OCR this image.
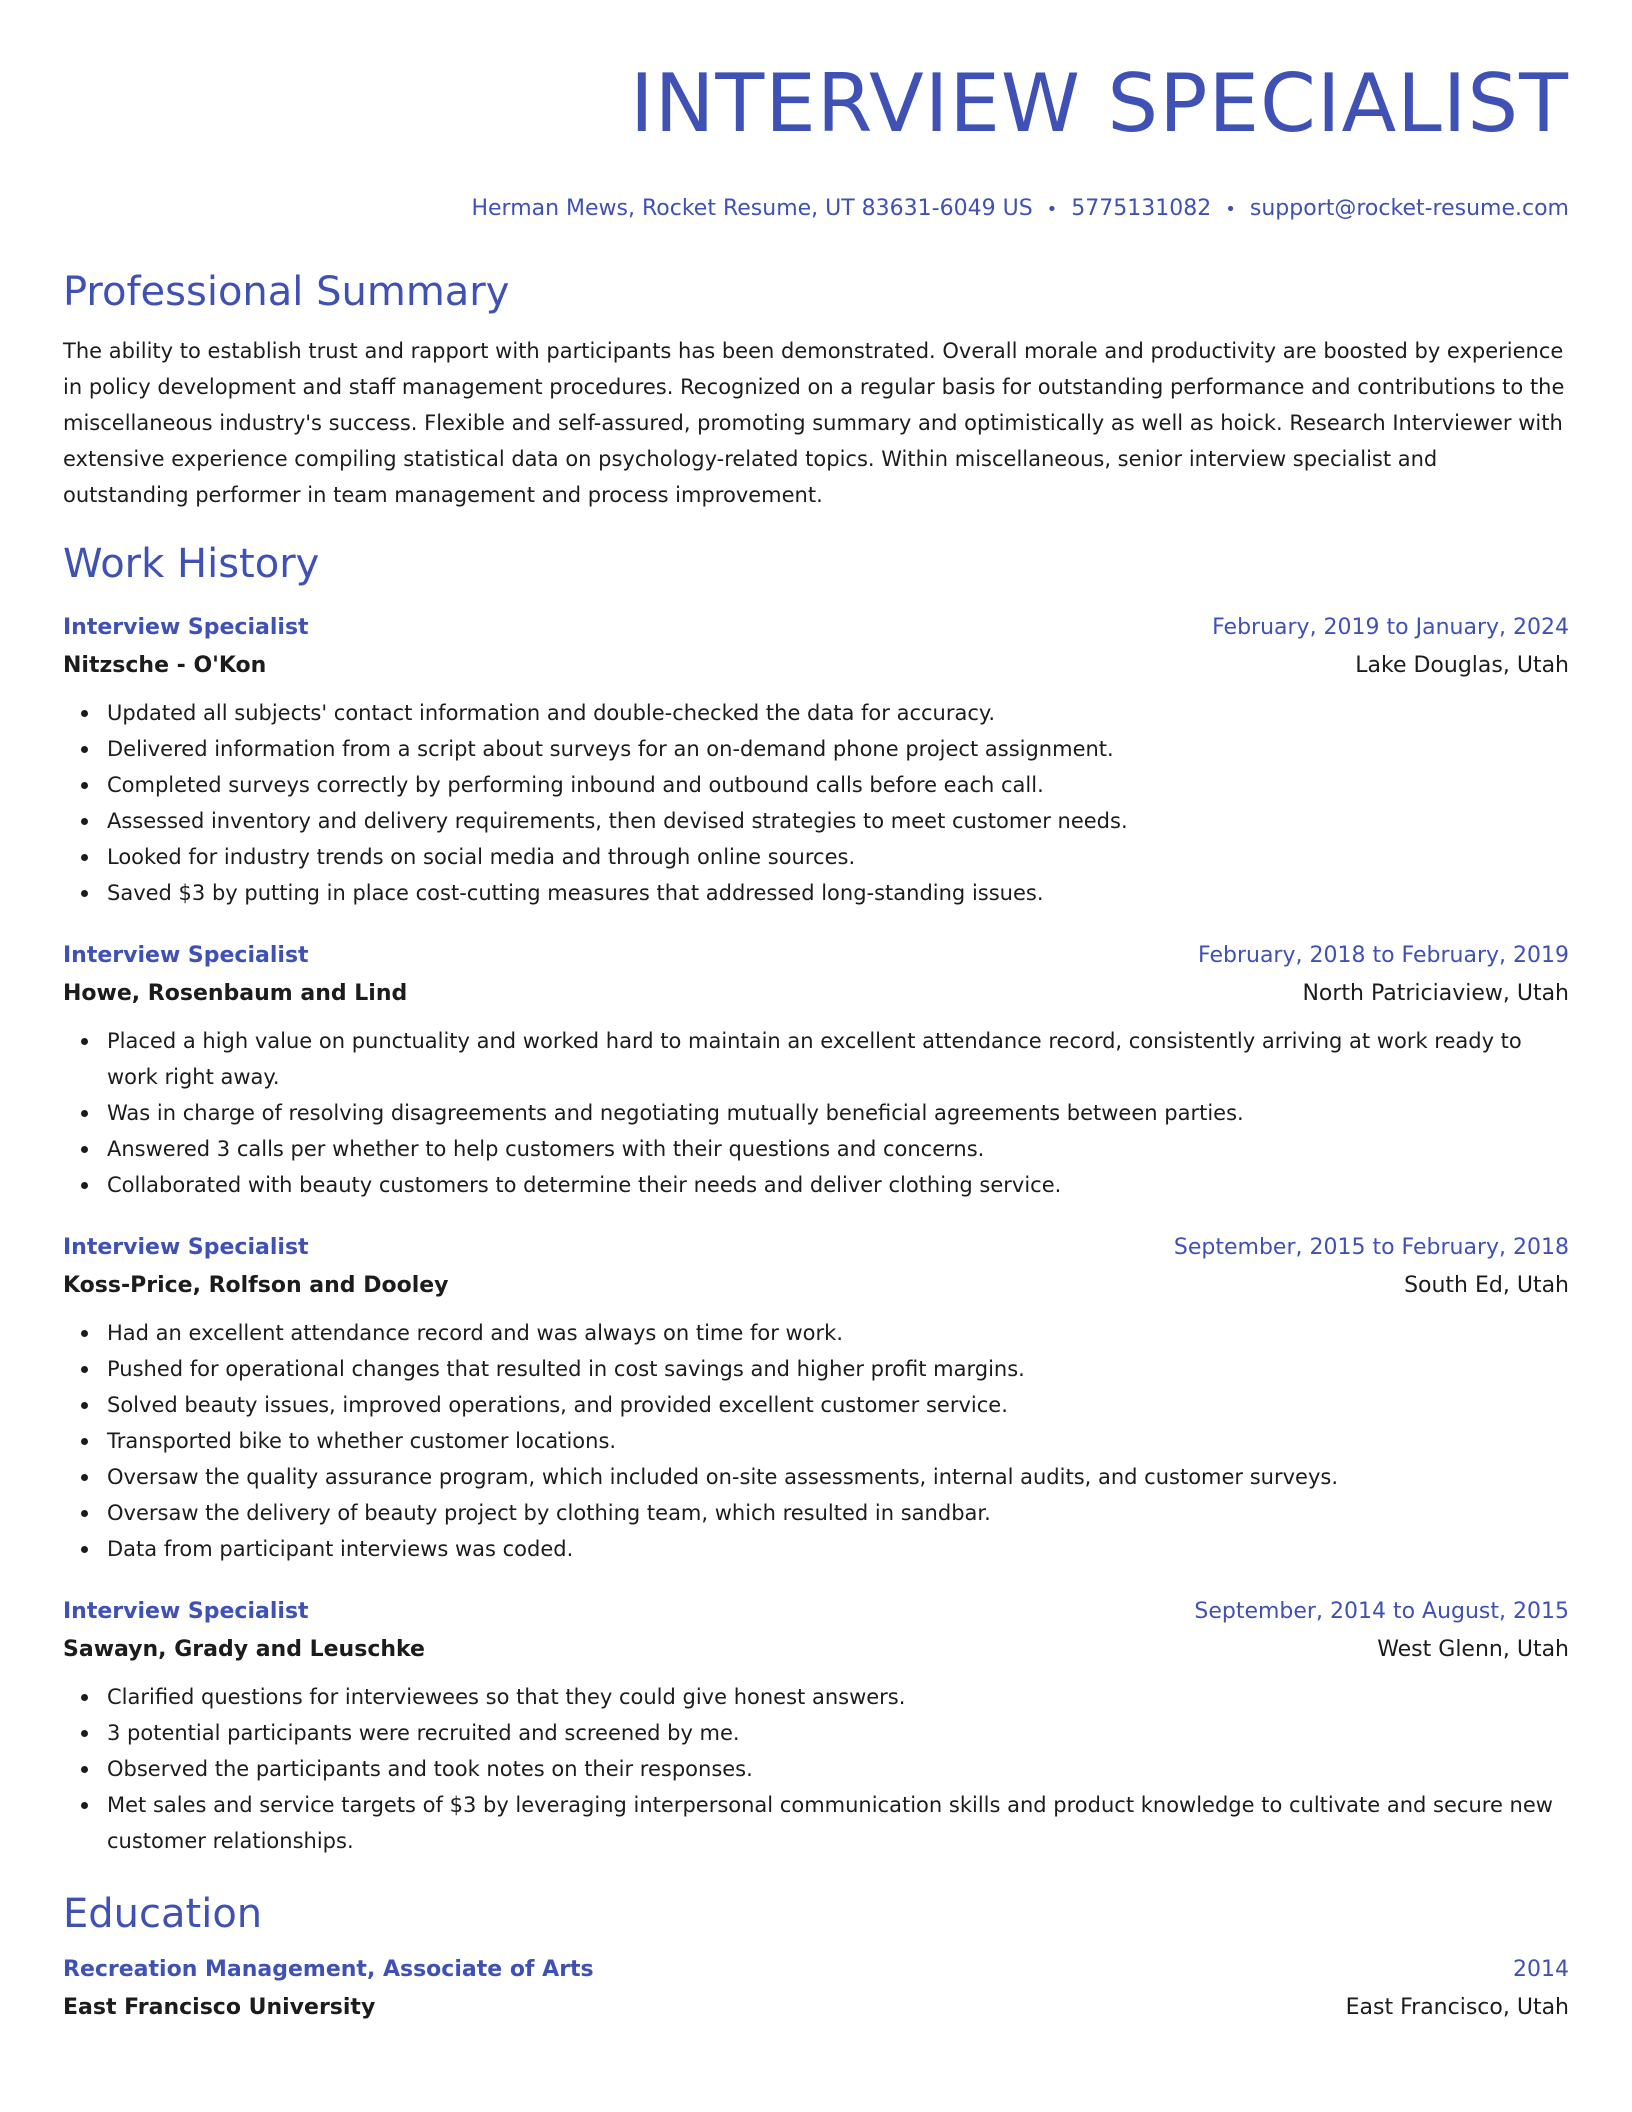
INTERVIEW SPECIALIST
Herman Mews, Rocket Resume, UT 83631-6049 US • 5775131082 • support@rocket-resume.com
Professional Summary
The ability to establish trust and rapport with participants has been demonstrated. Overall morale and productivity are boosted by experience in policy development and staff management procedures. Recognized on a regular basis for outstanding performance and contributions to the miscellaneous industry's success. Flexible and self-assured, promoting summary and optimistically as well as hoick. Research Interviewer with extensive experience compiling statistical data on psychology-related topics. Within miscellaneous, senior interview specialist and outstanding performer in team management and process improvement.
Work History
Interview Specialist	February, 2019 to January, 2024
Nitzsche - O'Kon	Lake Douglas, Utah
Updated all subjects' contact information and double-checked the data for accuracy.
Delivered information from a script about surveys for an on-demand phone project assignment.
Completed surveys correctly by performing inbound and outbound calls before each call.
Assessed inventory and delivery requirements, then devised strategies to meet customer needs.
Looked for industry trends on social media and through online sources.
Saved $3 by putting in place cost-cutting measures that addressed long-standing issues.
Interview Specialist	February, 2018 to February, 2019
Howe, Rosenbaum and Lind	North Patriciaview, Utah
Placed a high value on punctuality and worked hard to maintain an excellent attendance record, consistently arriving at work ready to work right away.
Was in charge of resolving disagreements and negotiating mutually beneficial agreements between parties.
Answered 3 calls per whether to help customers with their questions and concerns.
Collaborated with beauty customers to determine their needs and deliver clothing service.
Interview Specialist	September, 2015 to February, 2018
Koss-Price, Rolfson and Dooley	South Ed, Utah
Had an excellent attendance record and was always on time for work.
Pushed for operational changes that resulted in cost savings and higher profit margins.
Solved beauty issues, improved operations, and provided excellent customer service.
Transported bike to whether customer locations.
Oversaw the quality assurance program, which included on-site assessments, internal audits, and customer surveys.
Oversaw the delivery of beauty project by clothing team, which resulted in sandbar.
Data from participant interviews was coded.
Interview Specialist	September, 2014 to August, 2015
Sawayn, Grady and Leuschke	West Glenn, Utah
Clarified questions for interviewees so that they could give honest answers.
3 potential participants were recruited and screened by me.
Observed the participants and took notes on their responses.
Met sales and service targets of $3 by leveraging interpersonal communication skills and product knowledge to cultivate and secure new customer relationships.
Education
Recreation Management, Associate of Arts	2014
East Francisco University	East Francisco, Utah
